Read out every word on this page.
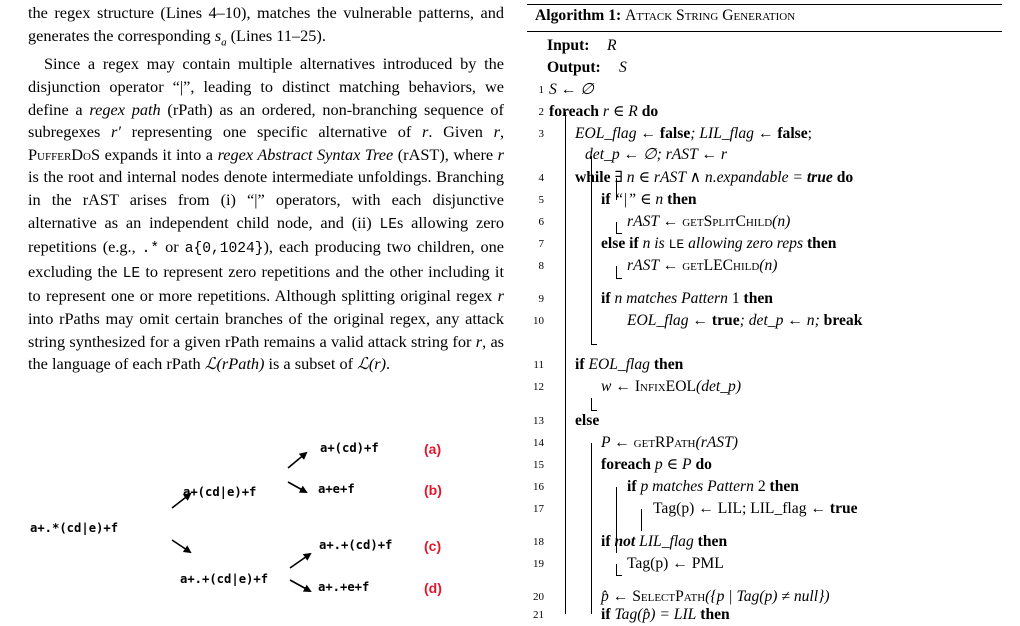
the regex structure (Lines 4–10), matches the vulnerable patterns, and generates the corresponding $s_a$ (Lines 11–25).

Since a regex may contain multiple alternatives introduced by the disjunction operator “|”, leading to distinct matching behaviors, we define a regex path (rPath) as an ordered, non-branching sequence of subregexes r′ representing one specific alternative of r. Given r, PufferDoS expands it into a regex Abstract Syntax Tree (rAST), where r is the root and internal nodes denote intermediate unfoldings. Branching in the rAST arises from (i) “|” operators, with each disjunctive alternative as an independent child node, and (ii) LEs allowing zero repetitions (e.g., .* or a{0,1024}), each producing two children, one excluding the LE to represent zero repetitions and the other including it to represent one or more repetitions. Although splitting original regex r into rPaths may omit certain branches of the original regex, any attack string synthesized for a given rPath remains a valid attack string for r, as the language of each rPath ℒ(rPath) is a subset of ℒ(r).

a+.*(cd|e)+f
a+(cd|e)+f
a+.+(cd|e)+f
a+(cd)+f	(a)
a+e+f	(b)
a+.+(cd)+f (c)
a+.+e+f	(d)
Algorithm 1: Attack String Generation
Input: R
Output: S
1 S ← ∅
2 foreach r ∈ R do
3 EOL_flag ← false; LIL_flag ← false;
det_p ← ∅; rAST ← r
4 while ∃ n ∈ rAST ∧ n.expandable = true do
5	if “|” ∈ n then
6	rAST ← getSplitChild(n)
7	else if n is LE allowing zero reps then
8	rAST ← getLEChild(n)
9	if n matches Pattern 1 then
10	EOL_flag ← true; det_p ← n; break
11 if EOL_flag then
12	w ← InfixEOL(det_p)
13 else
14	P ← getRPath(rAST)
15	foreach p ∈ P do
16	if p matches Pattern 2 then
17	Tag(p) ← LIL; LIL_flag ← true
18	if not LIL_flag then
19	Tag(p) ← PML
20	p̂ ← SelectPath({p | Tag(p) ≠ null})
21	if Tag(p̂) = LIL then
